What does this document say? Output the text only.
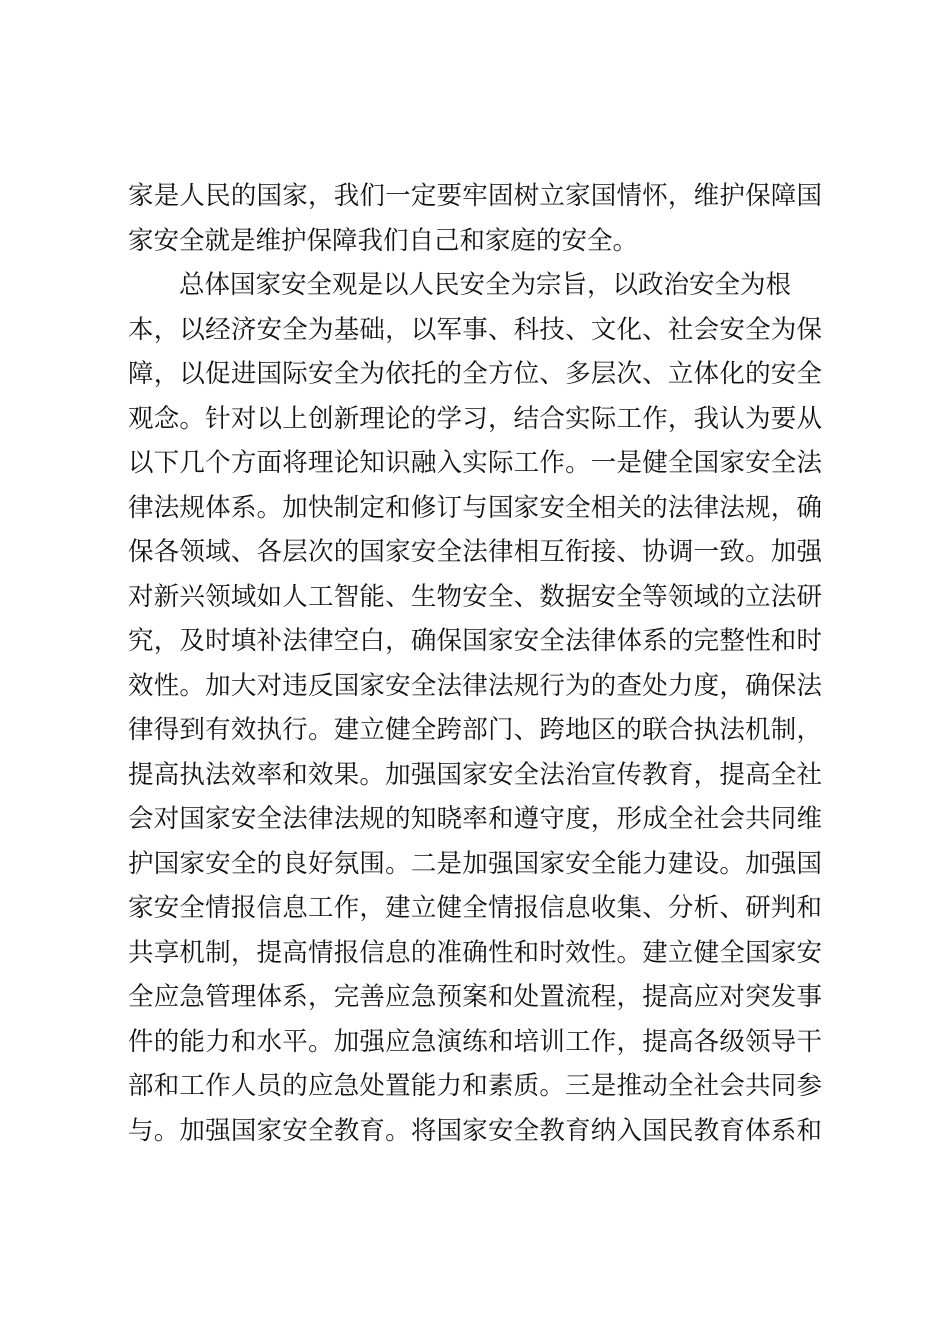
家是人民的国家，我们一定要牢固树立家国情怀，维护保障国
家安全就是维护保障我们自己和家庭的安全。
总体国家安全观是以人民安全为宗旨，以政治安全为根
本，以经济安全为基础，以军事、科技、文化、社会安全为保
障，以促进国际安全为依托的全方位、多层次、立体化的安全
观念。针对以上创新理论的学习，结合实际工作，我认为要从
以下几个方面将理论知识融入实际工作。一是健全国家安全法
律法规体系。加快制定和修订与国家安全相关的法律法规，确
保各领域、各层次的国家安全法律相互衔接、协调一致。加强
对新兴领域如人工智能、生物安全、数据安全等领域的立法研
究，及时填补法律空白，确保国家安全法律体系的完整性和时
效性。加大对违反国家安全法律法规行为的查处力度，确保法
律得到有效执行。建立健全跨部门、跨地区的联合执法机制，
提高执法效率和效果。加强国家安全法治宣传教育，提高全社
会对国家安全法律法规的知晓率和遵守度，形成全社会共同维
护国家安全的良好氛围。二是加强国家安全能力建设。加强国
家安全情报信息工作，建立健全情报信息收集、分析、研判和
共享机制，提高情报信息的准确性和时效性。建立健全国家安
全应急管理体系，完善应急预案和处置流程，提高应对突发事
件的能力和水平。加强应急演练和培训工作，提高各级领导干
部和工作人员的应急处置能力和素质。三是推动全社会共同参
与。加强国家安全教育。将国家安全教育纳入国民教育体系和
